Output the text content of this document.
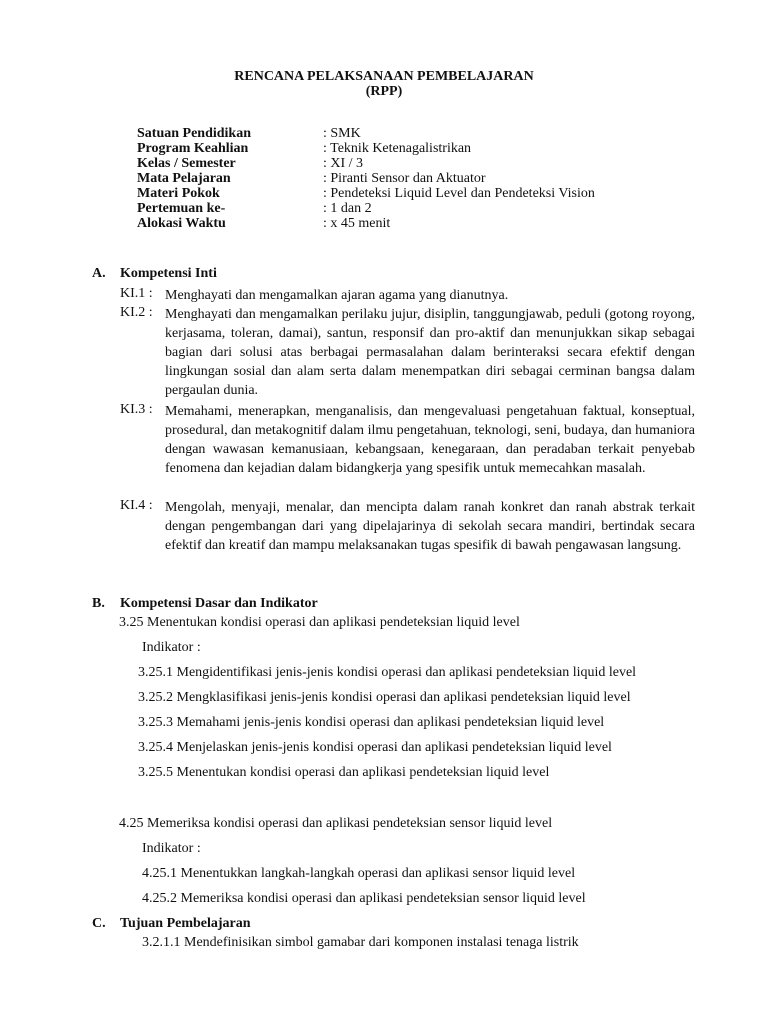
RENCANA PELAKSANAAN PEMBELAJARAN
(RPP)
Satuan Pendidikan	: SMK
Program Keahlian	: Teknik Ketenagalistrikan
Kelas / Semester	: XI / 3
Mata Pelajaran	: Piranti Sensor dan Aktuator
Materi Pokok	: Pendeteksi Liquid Level dan Pendeteksi Vision
Pertemuan ke-	: 1 dan 2
Alokasi Waktu	: x 45 menit
A. Kompetensi Inti
KI.1 : Menghayati dan mengamalkan ajaran agama yang dianutnya.
KI.2 : Menghayati dan mengamalkan perilaku jujur, disiplin, tanggungjawab, peduli (gotong royong, kerjasama, toleran, damai), santun, responsif dan pro-aktif dan menunjukkan sikap sebagai bagian dari solusi atas berbagai permasalahan dalam berinteraksi secara efektif dengan lingkungan sosial dan alam serta dalam menempatkan diri sebagai cerminan bangsa dalam pergaulan dunia.
KI.3 : Memahami, menerapkan, menganalisis, dan mengevaluasi pengetahuan faktual, konseptual, prosedural, dan metakognitif dalam ilmu pengetahuan, teknologi, seni, budaya, dan humaniora dengan wawasan kemanusiaan, kebangsaan, kenegaraan, dan peradaban terkait penyebab fenomena dan kejadian dalam bidangkerja yang spesifik untuk memecahkan masalah.
KI.4 : Mengolah, menyaji, menalar, dan mencipta dalam ranah konkret dan ranah abstrak terkait dengan pengembangan dari yang dipelajarinya di sekolah secara mandiri, bertindak secara efektif dan kreatif dan mampu melaksanakan tugas spesifik di bawah pengawasan langsung.
B. Kompetensi Dasar dan Indikator
3.25 Menentukan kondisi operasi dan aplikasi pendeteksian liquid level
Indikator :
3.25.1 Mengidentifikasi jenis-jenis kondisi operasi dan aplikasi pendeteksian liquid level
3.25.2 Mengklasifikasi jenis-jenis kondisi operasi dan aplikasi pendeteksian liquid level
3.25.3 Memahami jenis-jenis kondisi operasi dan aplikasi pendeteksian liquid level
3.25.4 Menjelaskan jenis-jenis kondisi operasi dan aplikasi pendeteksian liquid level
3.25.5 Menentukan kondisi operasi dan aplikasi pendeteksian liquid level
4.25 Memeriksa kondisi operasi dan aplikasi pendeteksian sensor liquid level
Indikator :
4.25.1 Menentukkan langkah-langkah operasi dan aplikasi sensor liquid level
4.25.2 Memeriksa kondisi operasi dan aplikasi pendeteksian sensor liquid level
C. Tujuan Pembelajaran
3.2.1.1 Mendefinisikan simbol gamabar dari komponen instalasi tenaga listrik
